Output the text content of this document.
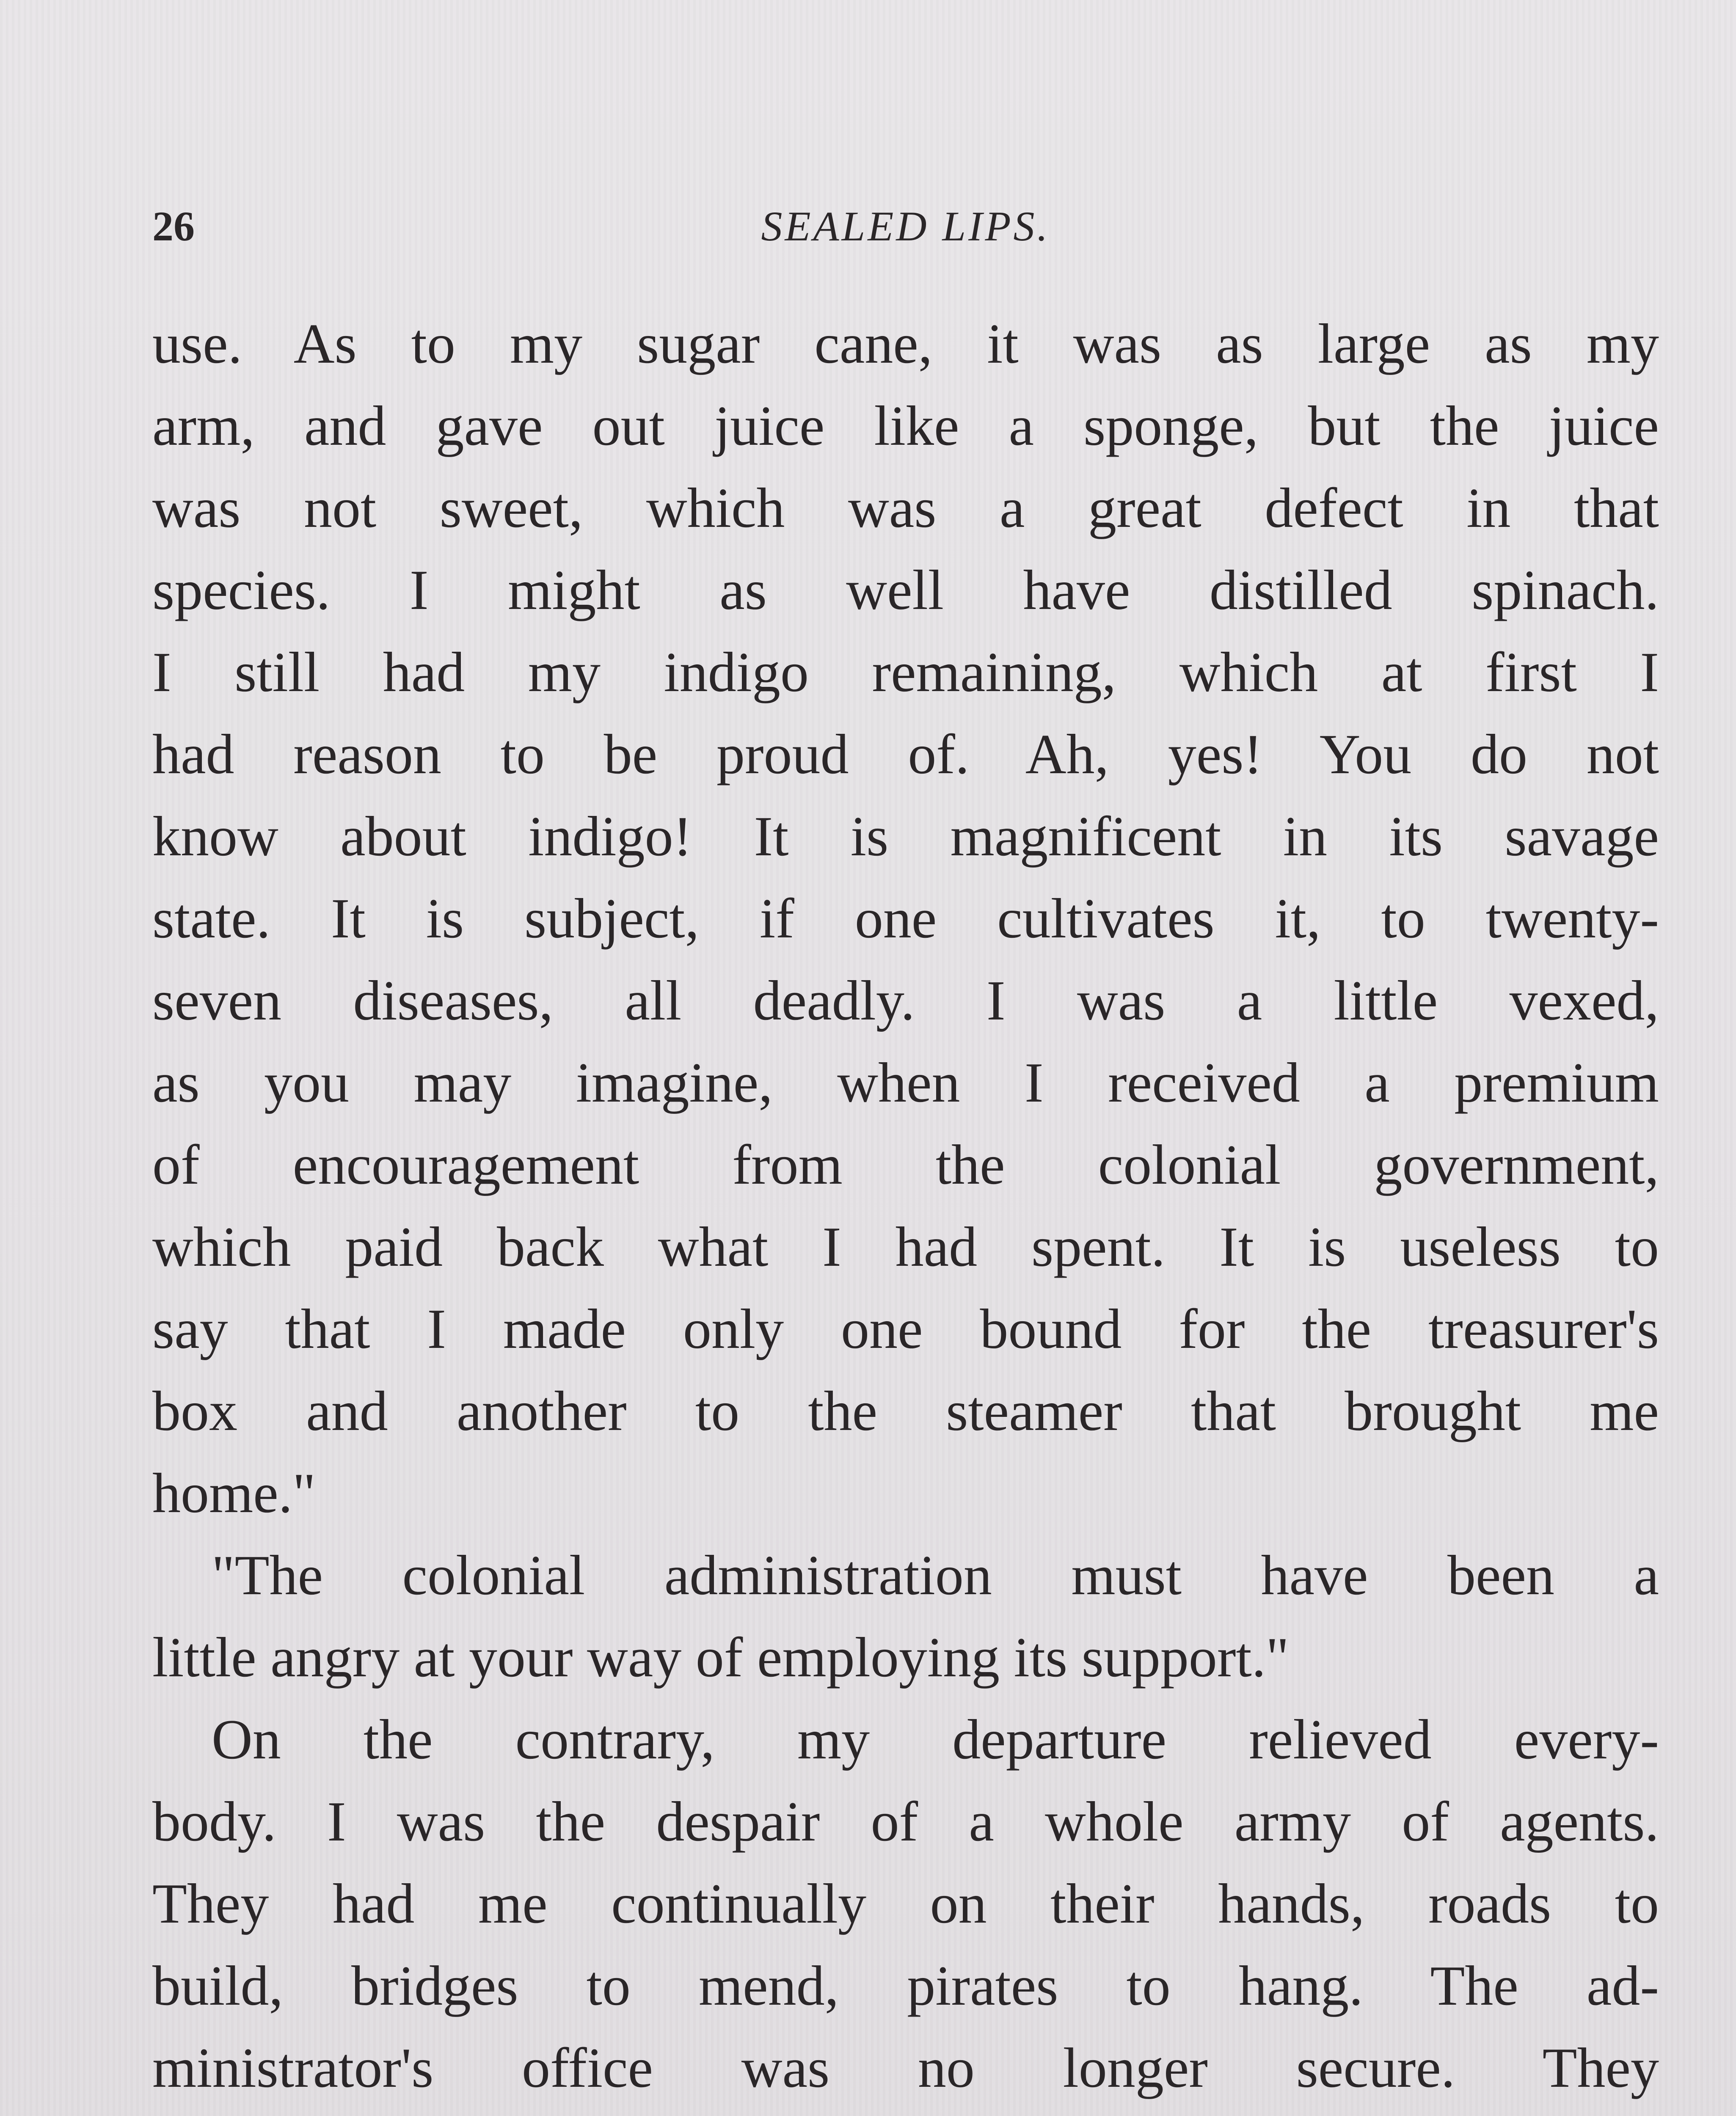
26	SEALED LIPS.
use. As to my sugar cane, it was as large as my
arm, and gave out juice like a sponge, but the juice
was not sweet, which was a great defect in that
species. I might as well have distilled spinach.
I still had my indigo remaining, which at first I
had reason to be proud of. Ah, yes! You do not
know about indigo! It is magnificent in its savage
state. It is subject, if one cultivates it, to twenty-
seven diseases, all deadly. I was a little vexed,
as you may imagine, when I received a premium
of encouragement from the colonial government,
which paid back what I had spent. It is useless to
say that I made only one bound for the treasurer's
box and another to the steamer that brought me
home."
"The colonial administration must have been a
little angry at your way of employing its support."
On the contrary, my departure relieved every-
body. I was the despair of a whole army of agents.
They had me continually on their hands, roads to
build, bridges to mend, pirates to hang. The ad-
ministrator's office was no longer secure. They
